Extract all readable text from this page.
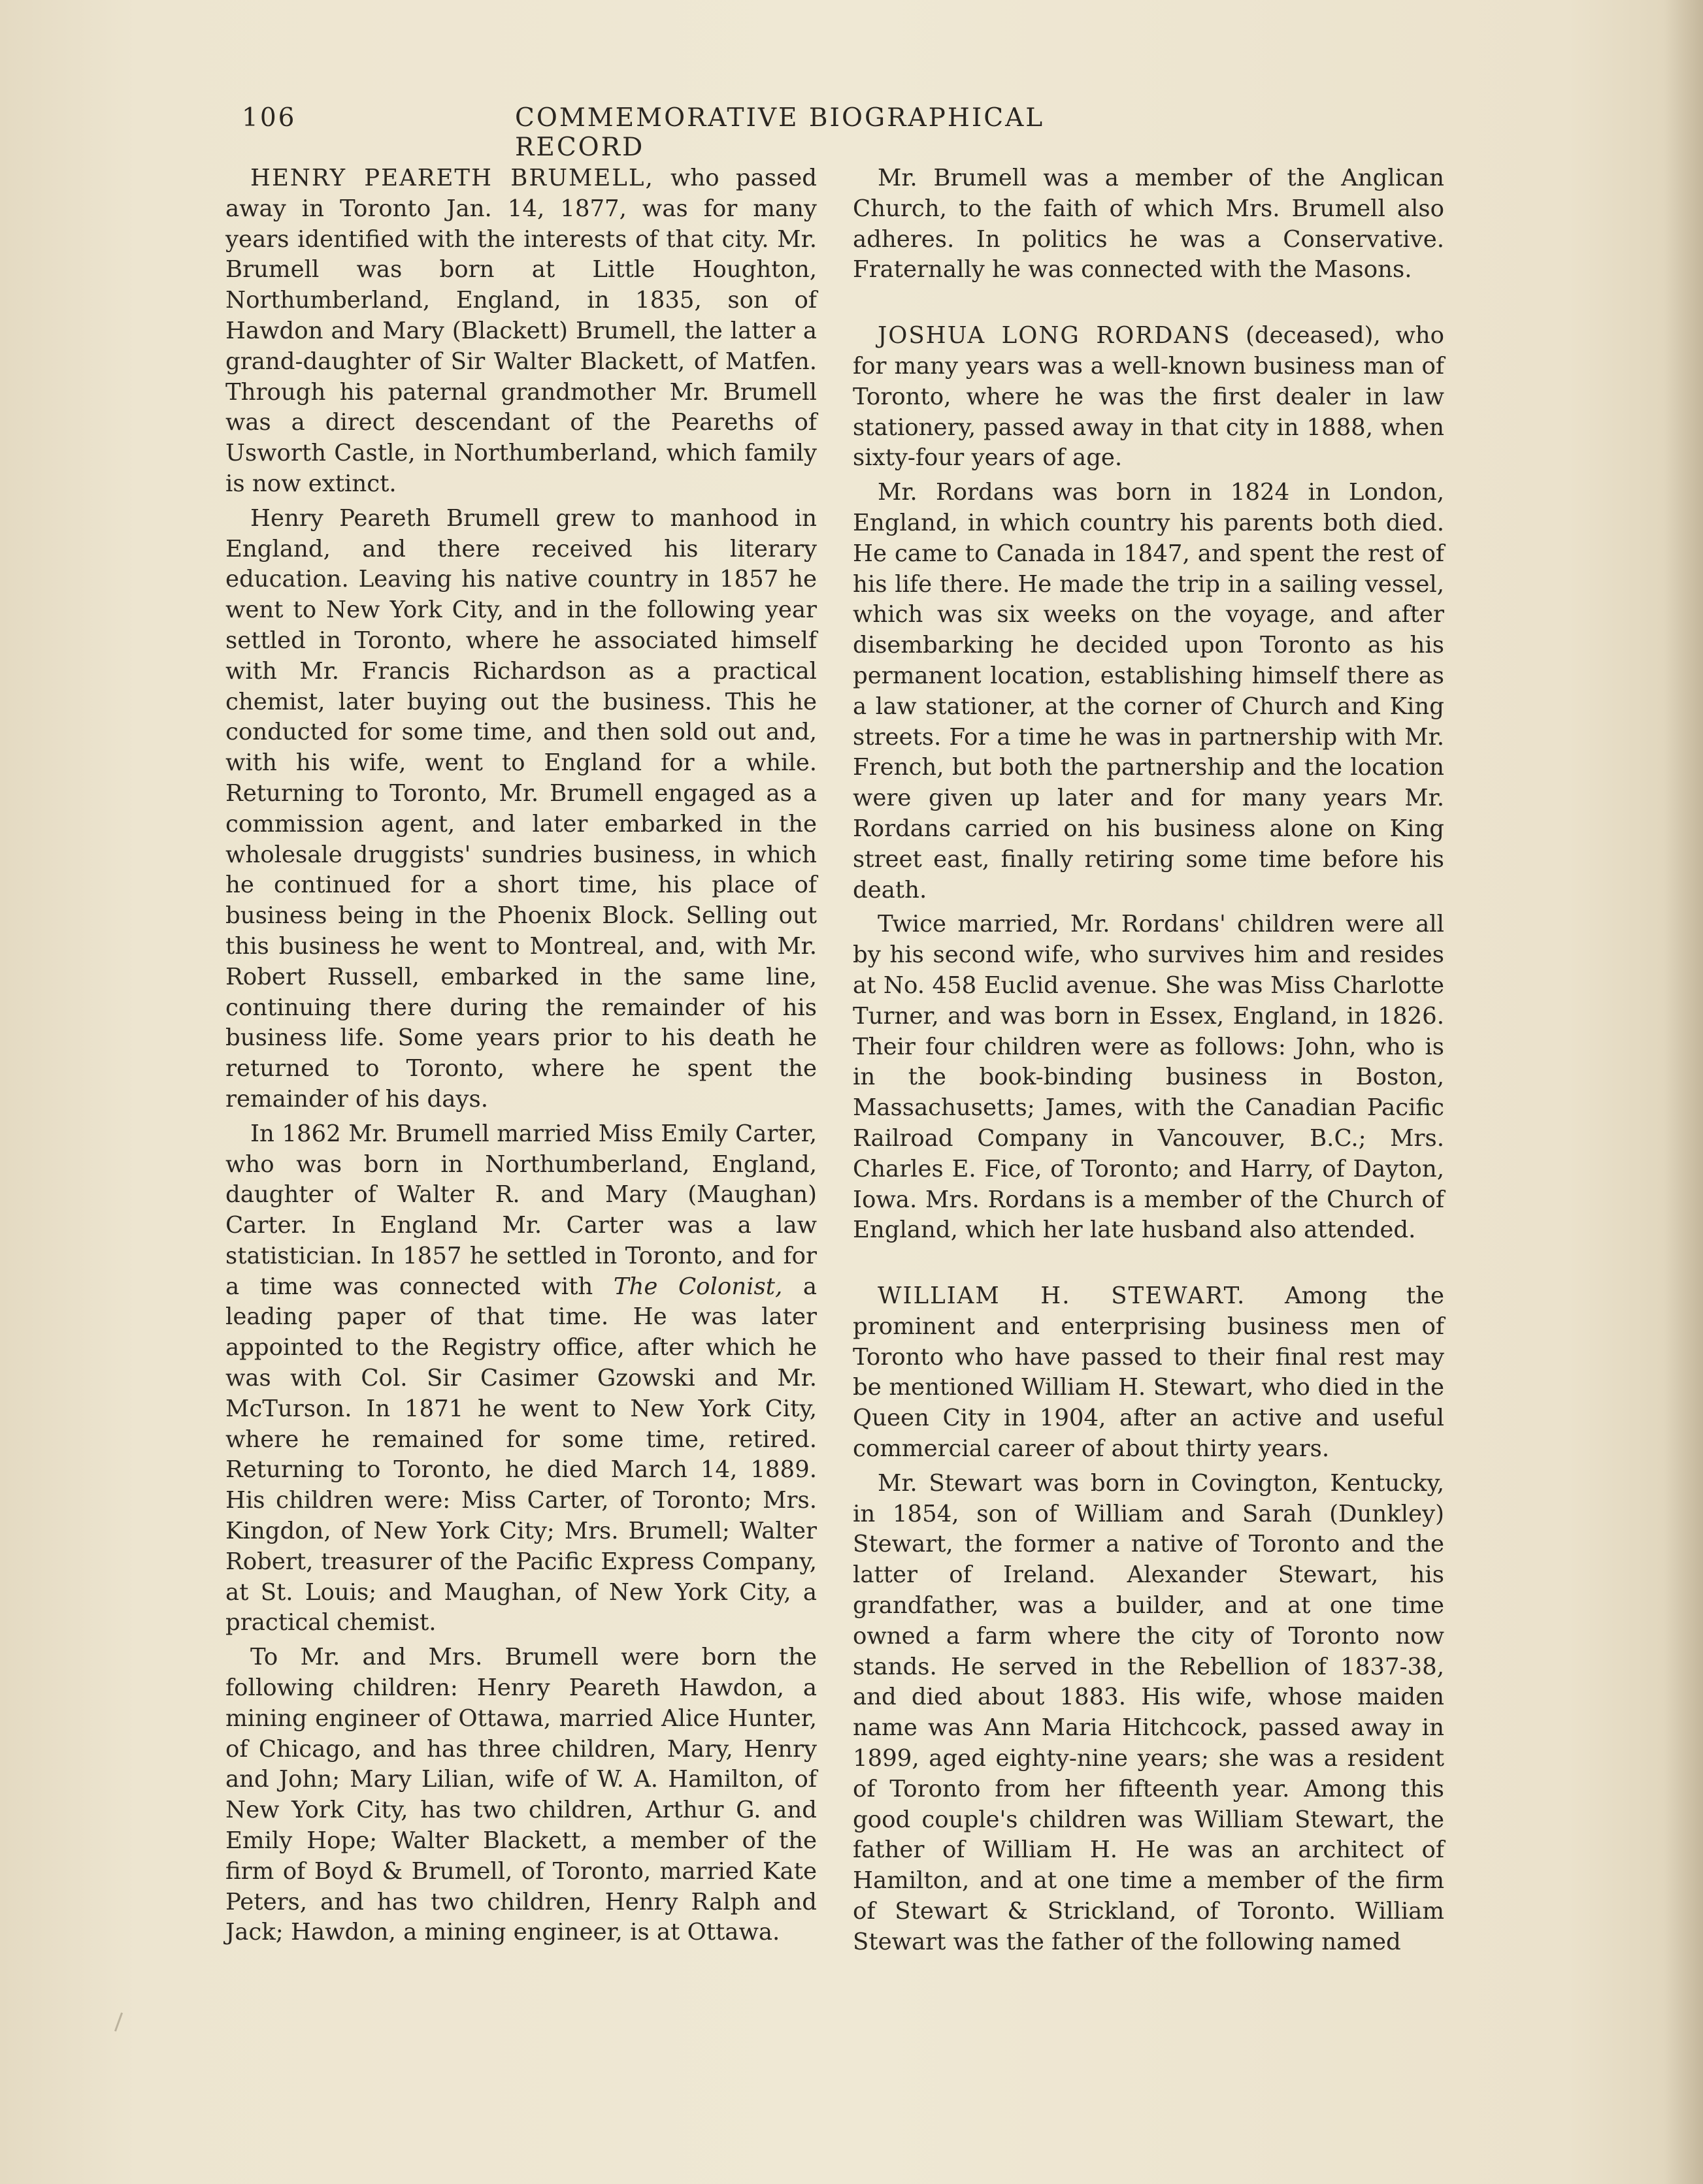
106	COMMEMORATIVE BIOGRAPHICAL RECORD

HENRY PEARETH BRUMELL, who passed away in Toronto Jan. 14, 1877, was for many years identified with the interests of that city. Mr. Brumell was born at Little Houghton, Northumberland, England, in 1835, son of Hawdon and Mary (Blackett) Brumell, the latter a grand-daughter of Sir Walter Blackett, of Matfen. Through his paternal grandmother Mr. Brumell was a direct descendant of the Peareths of Usworth Castle, in Northumberland, which family is now extinct.

Henry Peareth Brumell grew to manhood in England, and there received his literary education. Leaving his native country in 1857 he went to New York City, and in the following year settled in Toronto, where he associated himself with Mr. Francis Richardson as a practical chemist, later buying out the business. This he conducted for some time, and then sold out and, with his wife, went to England for a while. Returning to Toronto, Mr. Brumell engaged as a commission agent, and later embarked in the wholesale druggists' sundries business, in which he continued for a short time, his place of business being in the Phoenix Block. Selling out this business he went to Montreal, and, with Mr. Robert Russell, embarked in the same line, continuing there during the remainder of his business life. Some years prior to his death he returned to Toronto, where he spent the remainder of his days.

In 1862 Mr. Brumell married Miss Emily Carter, who was born in Northumberland, England, daughter of Walter R. and Mary (Maughan) Carter. In England Mr. Carter was a law statistician. In 1857 he settled in Toronto, and for a time was connected with The Colonist, a leading paper of that time. He was later appointed to the Registry office, after which he was with Col. Sir Casimer Gzowski and Mr. McTurson. In 1871 he went to New York City, where he remained for some time, retired. Returning to Toronto, he died March 14, 1889. His children were: Miss Carter, of Toronto; Mrs. Kingdon, of New York City; Mrs. Brumell; Walter Robert, treasurer of the Pacific Express Company, at St. Louis; and Maughan, of New York City, a practical chemist.

To Mr. and Mrs. Brumell were born the following children: Henry Peareth Hawdon, a mining engineer of Ottawa, married Alice Hunter, of Chicago, and has three children, Mary, Henry and John; Mary Lilian, wife of W. A. Hamilton, of New York City, has two children, Arthur G. and Emily Hope; Walter Blackett, a member of the firm of Boyd & Brumell, of Toronto, married Kate Peters, and has two children, Henry Ralph and Jack; Hawdon, a mining engineer, is at Ottawa.

Mr. Brumell was a member of the Anglican Church, to the faith of which Mrs. Brumell also adheres. In politics he was a Conservative. Fraternally he was connected with the Masons.

JOSHUA LONG RORDANS (deceased), who for many years was a well-known business man of Toronto, where he was the first dealer in law stationery, passed away in that city in 1888, when sixty-four years of age.

Mr. Rordans was born in 1824 in London, England, in which country his parents both died. He came to Canada in 1847, and spent the rest of his life there. He made the trip in a sailing vessel, which was six weeks on the voyage, and after disembarking he decided upon Toronto as his permanent location, establishing himself there as a law stationer, at the corner of Church and King streets. For a time he was in partnership with Mr. French, but both the partnership and the location were given up later and for many years Mr. Rordans carried on his business alone on King street east, finally retiring some time before his death.

Twice married, Mr. Rordans' children were all by his second wife, who survives him and resides at No. 458 Euclid avenue. She was Miss Charlotte Turner, and was born in Essex, England, in 1826. Their four children were as follows: John, who is in the book-binding business in Boston, Massachusetts; James, with the Canadian Pacific Railroad Company in Vancouver, B.C.; Mrs. Charles E. Fice, of Toronto; and Harry, of Dayton, Iowa. Mrs. Rordans is a member of the Church of England, which her late husband also attended.

WILLIAM H. STEWART. Among the prominent and enterprising business men of Toronto who have passed to their final rest may be mentioned William H. Stewart, who died in the Queen City in 1904, after an active and useful commercial career of about thirty years.

Mr. Stewart was born in Covington, Kentucky, in 1854, son of William and Sarah (Dunkley) Stewart, the former a native of Toronto and the latter of Ireland. Alexander Stewart, his grandfather, was a builder, and at one time owned a farm where the city of Toronto now stands. He served in the Rebellion of 1837-38, and died about 1883. His wife, whose maiden name was Ann Maria Hitchcock, passed away in 1899, aged eighty-nine years; she was a resident of Toronto from her fifteenth year. Among this good couple's children was William Stewart, the father of William H. He was an architect of Hamilton, and at one time a member of the firm of Stewart & Strickland, of Toronto. William Stewart was the father of the following named
